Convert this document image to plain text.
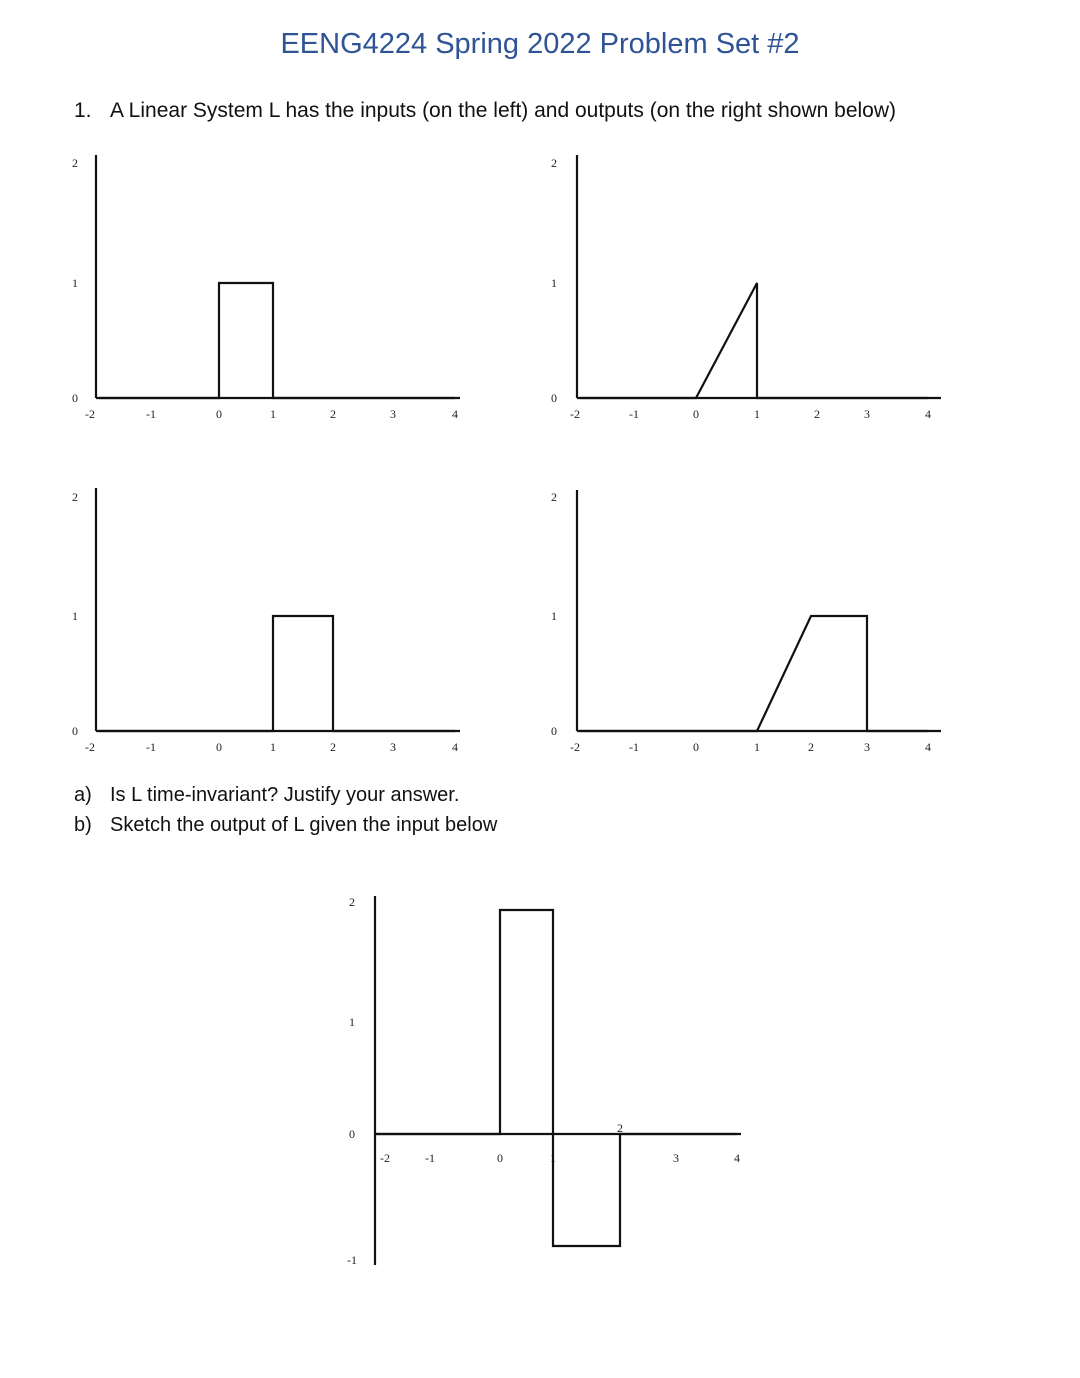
EENG4224 Spring 2022 Problem Set #2
1. A Linear System L has the inputs (on the left) and outputs (on the right shown below)
a) Is L time-invariant? Justify your answer.
b) Sketch the output of L given the input below
0
1
2
-2	-1	0	1	2	3	4
0
1
2
-2	-1	0	1	2	3	4
0
1
2
-2	-1	0	1	2	3	4
0
1
2
-2	-1	0	1	2	3	4
-1
0
1
2
-2	-1	0	1
2
3	4
